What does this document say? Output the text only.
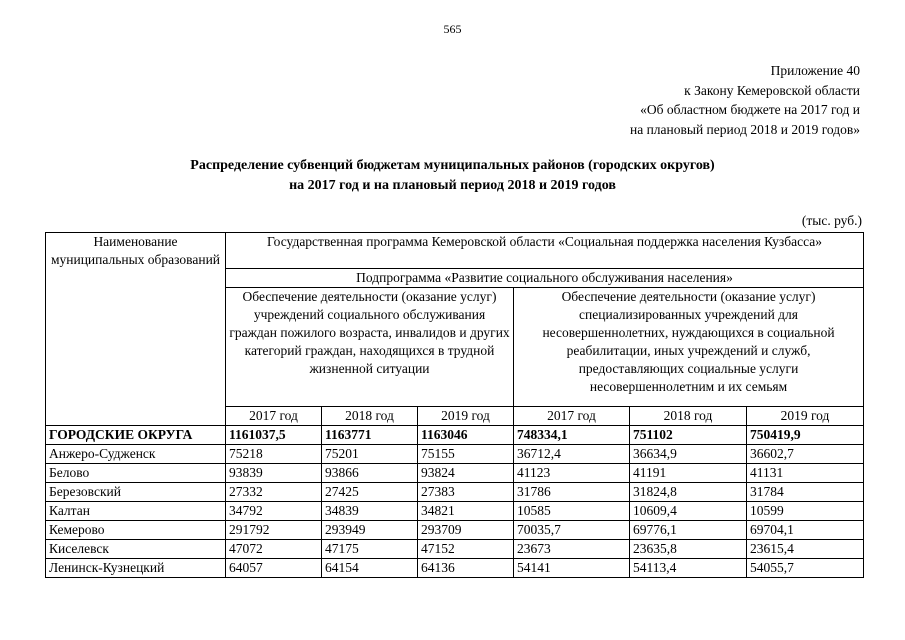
565
Приложение 40
к Закону Кемеровской области
«Об областном бюджете на 2017 год и
на плановый период 2018 и 2019 годов»
Распределение субвенций бюджетам муниципальных районов (городских округов)
на 2017 год и на плановый период 2018 и 2019 годов
(тыс. руб.)
Наименование муниципальных образований	Государственная программа Кемеровской области «Социальная поддержка населения Кузбасса»					
	Подпрограмма «Развитие социального обслуживания населения»					
	Обеспечение деятельности (оказание услуг) учреждений социального обслуживания граждан пожилого возраста, инвалидов и других категорий граждан, находящихся в трудной жизненной ситуации			Обеспечение деятельности (оказание услуг) специализированных учреждений для несовершеннолетних, нуждающихся в социальной реабилитации, иных учреждений и служб, предоставляющих социальные услуги несовершеннолетним и их семьям		
	2017 год	2018 год	2019 год	2017 год	2018 год	2019 год
ГОРОДСКИЕ ОКРУГА	1161037,5	1163771	1163046	748334,1	751102	750419,9
Анжеро-Судженск	75218	75201	75155	36712,4	36634,9	36602,7
Белово	93839	93866	93824	41123	41191	41131
Березовский	27332	27425	27383	31786	31824,8	31784
Калтан	34792	34839	34821	10585	10609,4	10599
Кемерово	291792	293949	293709	70035,7	69776,1	69704,1
Киселевск	47072	47175	47152	23673	23635,8	23615,4
Ленинск-Кузнецкий	64057	64154	64136	54141	54113,4	54055,7
